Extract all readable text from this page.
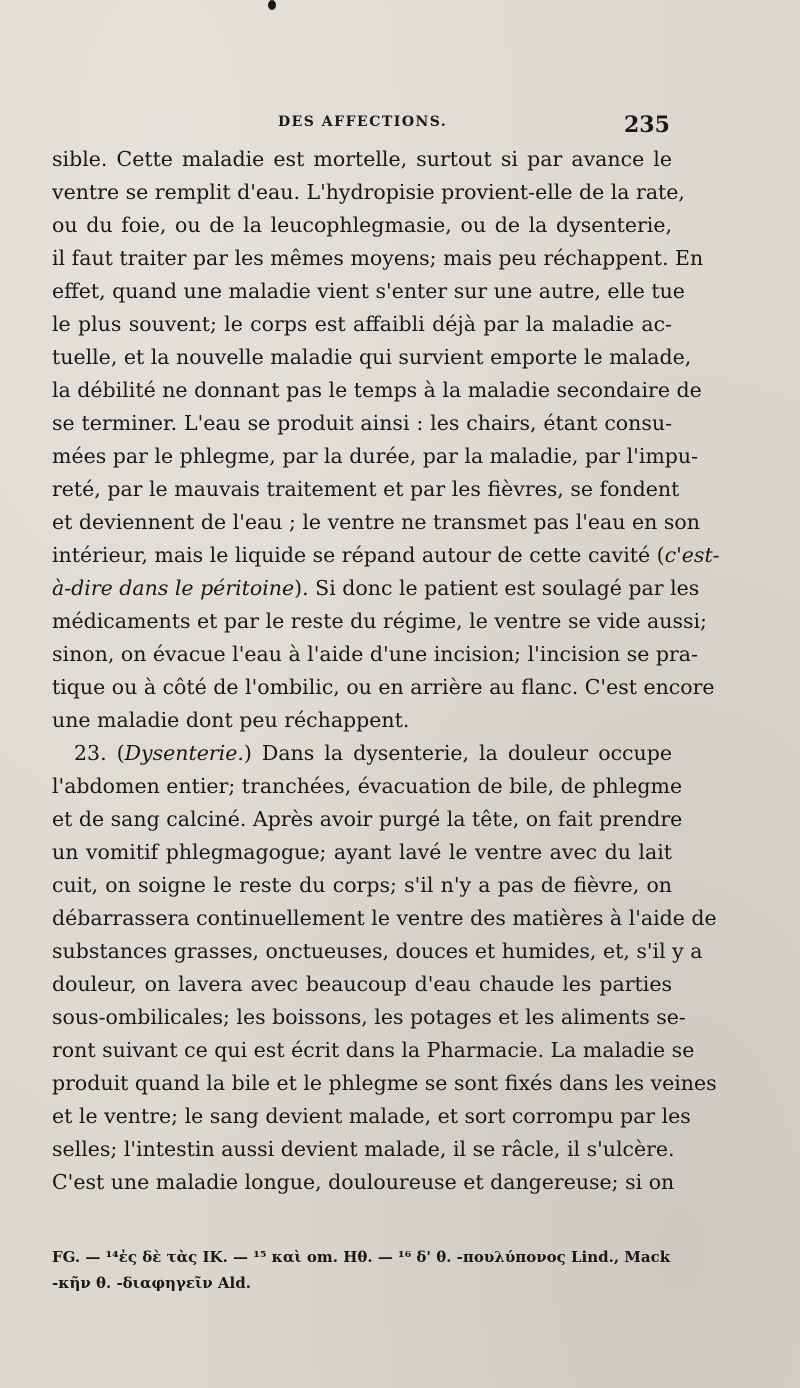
DES AFFECTIONS.	235
sible. Cette maladie est mortelle, surtout si par avance le
ventre se remplit d'eau. L'hydropisie provient-elle de la rate,
ou du foie, ou de la leucophlegmasie, ou de la dysenterie,
il faut traiter par les mêmes moyens; mais peu réchappent. En
effet, quand une maladie vient s'enter sur une autre, elle tue
le plus souvent; le corps est affaibli déjà par la maladie ac-
tuelle, et la nouvelle maladie qui survient emporte le malade,
la débilité ne donnant pas le temps à la maladie secondaire de
se terminer. L'eau se produit ainsi : les chairs, étant consu-
mées par le phlegme, par la durée, par la maladie, par l'impu-
reté, par le mauvais traitement et par les fièvres, se fondent
et deviennent de l'eau ; le ventre ne transmet pas l'eau en son
intérieur, mais le liquide se répand autour de cette cavité (c'est-
à-dire dans le péritoine). Si donc le patient est soulagé par les
médicaments et par le reste du régime, le ventre se vide aussi;
sinon, on évacue l'eau à l'aide d'une incision; l'incision se pra-
tique ou à côté de l'ombilic, ou en arrière au flanc. C'est encore
une maladie dont peu réchappent.
23. (Dysenterie.) Dans la dysenterie, la douleur occupe
l'abdomen entier; tranchées, évacuation de bile, de phlegme
et de sang calciné. Après avoir purgé la tête, on fait prendre
un vomitif phlegmagogue; ayant lavé le ventre avec du lait
cuit, on soigne le reste du corps; s'il n'y a pas de fièvre, on
débarrassera continuellement le ventre des matières à l'aide de
substances grasses, onctueuses, douces et humides, et, s'il y a
douleur, on lavera avec beaucoup d'eau chaude les parties
sous-ombilicales; les boissons, les potages et les aliments se-
ront suivant ce qui est écrit dans la Pharmacie. La maladie se
produit quand la bile et le phlegme se sont fixés dans les veines
et le ventre; le sang devient malade, et sort corrompu par les
selles; l'intestin aussi devient malade, il se râcle, il s'ulcère.
C'est une maladie longue, douloureuse et dangereuse; si on
FG. — ¹⁴ἐς δὲ τὰς IK. — ¹⁵ καὶ om. Hθ. — ¹⁶ δ' θ. -πουλύπονος Lind., Mack
-κῆν θ. -διαφηγεῖν Ald.
